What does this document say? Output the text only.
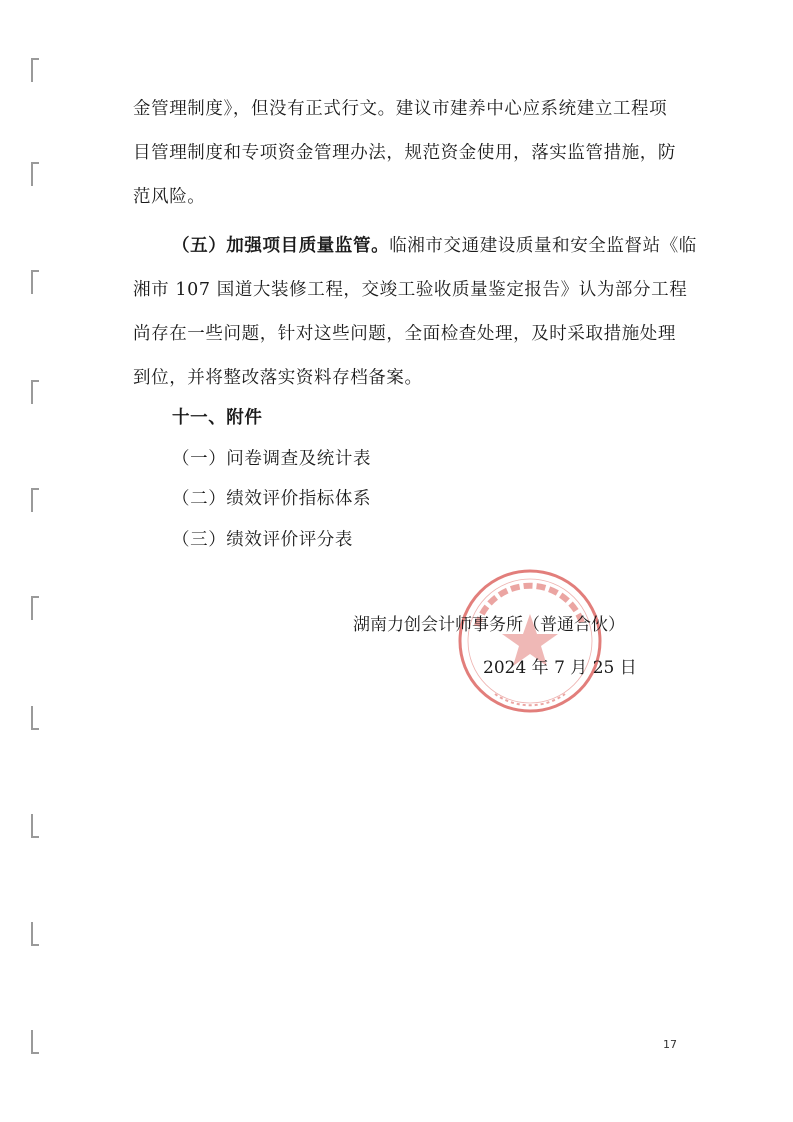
金管理制度》，但没有正式行文。建议市建养中心应系统建立工程项
目管理制度和专项资金管理办法，规范资金使用，落实监管措施，防
范风险。
（五）加强项目质量监管。临湘市交通建设质量和安全监督站《临
湘市 107 国道大装修工程，交竣工验收质量鉴定报告》认为部分工程
尚存在一些问题，针对这些问题，全面检查处理，及时采取措施处理
到位，并将整改落实资料存档备案。
十一、附件
（一）问卷调查及统计表
（二）绩效评价指标体系
（三）绩效评价评分表
湖南力创会计师事务所（普通合伙）
2024 年 7 月 25 日
17
